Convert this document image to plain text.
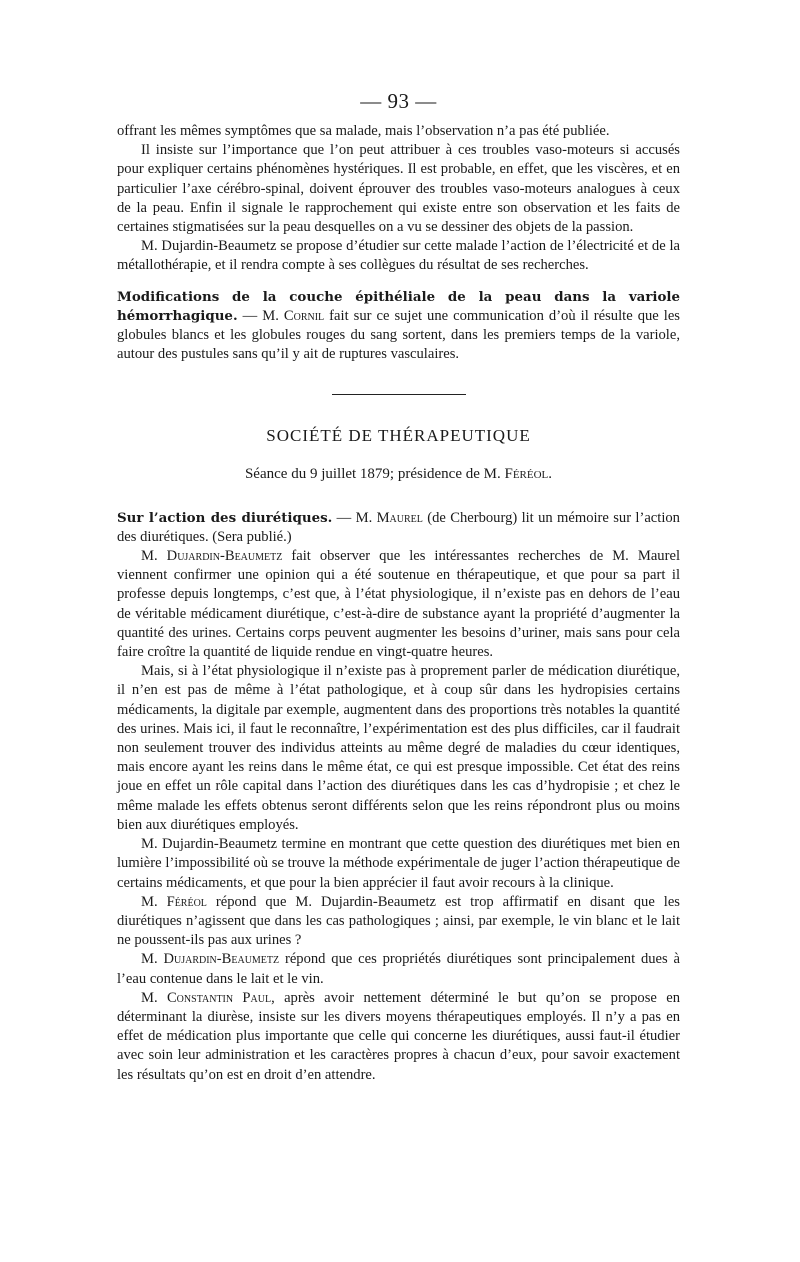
— 93 —

offrant les mêmes symptômes que sa malade, mais l’observation n’a pas été publiée.

Il insiste sur l’importance que l’on peut attribuer à ces troubles vaso-moteurs si accusés pour expliquer certains phénomènes hystériques. Il est probable, en effet, que les viscères, et en particulier l’axe cérébro-spinal, doivent éprouver des troubles vaso-moteurs analogues à ceux de la peau. Enfin il signale le rapprochement qui existe entre son observation et les faits de certaines stigmatisées sur la peau desquelles on a vu se dessiner des objets de la passion.

M. Dujardin-Beaumetz se propose d’étudier sur cette malade l’action de l’électricité et de la métallothérapie, et il rendra compte à ses collègues du résultat de ses recherches.

Modifications de la couche épithéliale de la peau dans la variole hémorrhagique. — M. Cornil fait sur ce sujet une communication d’où il résulte que les globules blancs et les globules rouges du sang sortent, dans les premiers temps de la variole, autour des pustules sans qu’il y ait de ruptures vasculaires.

SOCIÉTÉ DE THÉRAPEUTIQUE
Séance du 9 juillet 1879; présidence de M. Féréol.

Sur l’action des diurétiques. — M. Maurel (de Cherbourg) lit un mémoire sur l’action des diurétiques. (Sera publié.)

M. Dujardin-Beaumetz fait observer que les intéressantes recherches de M. Maurel viennent confirmer une opinion qui a été soutenue en thérapeutique, et que pour sa part il professe depuis longtemps, c’est que, à l’état physiologique, il n’existe pas en dehors de l’eau de véritable médicament diurétique, c’est-à-dire de substance ayant la propriété d’augmenter la quantité des urines. Certains corps peuvent augmenter les besoins d’uriner, mais sans pour cela faire croître la quantité de liquide rendue en vingt-quatre heures.

Mais, si à l’état physiologique il n’existe pas à proprement parler de médication diurétique, il n’en est pas de même à l’état pathologique, et à coup sûr dans les hydropisies certains médicaments, la digitale par exemple, augmentent dans des proportions très notables la quantité des urines. Mais ici, il faut le reconnaître, l’expérimentation est des plus difficiles, car il faudrait non seulement trouver des individus atteints au même degré de maladies du cœur identiques, mais encore ayant les reins dans le même état, ce qui est presque impossible. Cet état des reins joue en effet un rôle capital dans l’action des diurétiques dans les cas d’hydropisie ; et chez le même malade les effets obtenus seront différents selon que les reins répondront plus ou moins bien aux diurétiques employés.

M. Dujardin-Beaumetz termine en montrant que cette question des diurétiques met bien en lumière l’impossibilité où se trouve la méthode expérimentale de juger l’action thérapeutique de certains médicaments, et que pour la bien apprécier il faut avoir recours à la clinique.

M. Féréol répond que M. Dujardin-Beaumetz est trop affirmatif en disant que les diurétiques n’agissent que dans les cas pathologiques ; ainsi, par exemple, le vin blanc et le lait ne poussent-ils pas aux urines ?

M. Dujardin-Beaumetz répond que ces propriétés diurétiques sont principalement dues à l’eau contenue dans le lait et le vin.

M. Constantin Paul, après avoir nettement déterminé le but qu’on se propose en déterminant la diurèse, insiste sur les divers moyens thérapeutiques employés. Il n’y a pas en effet de médication plus importante que celle qui concerne les diurétiques, aussi faut-il étudier avec soin leur administration et les caractères propres à chacun d’eux, pour savoir exactement les résultats qu’on est en droit d’en attendre.
